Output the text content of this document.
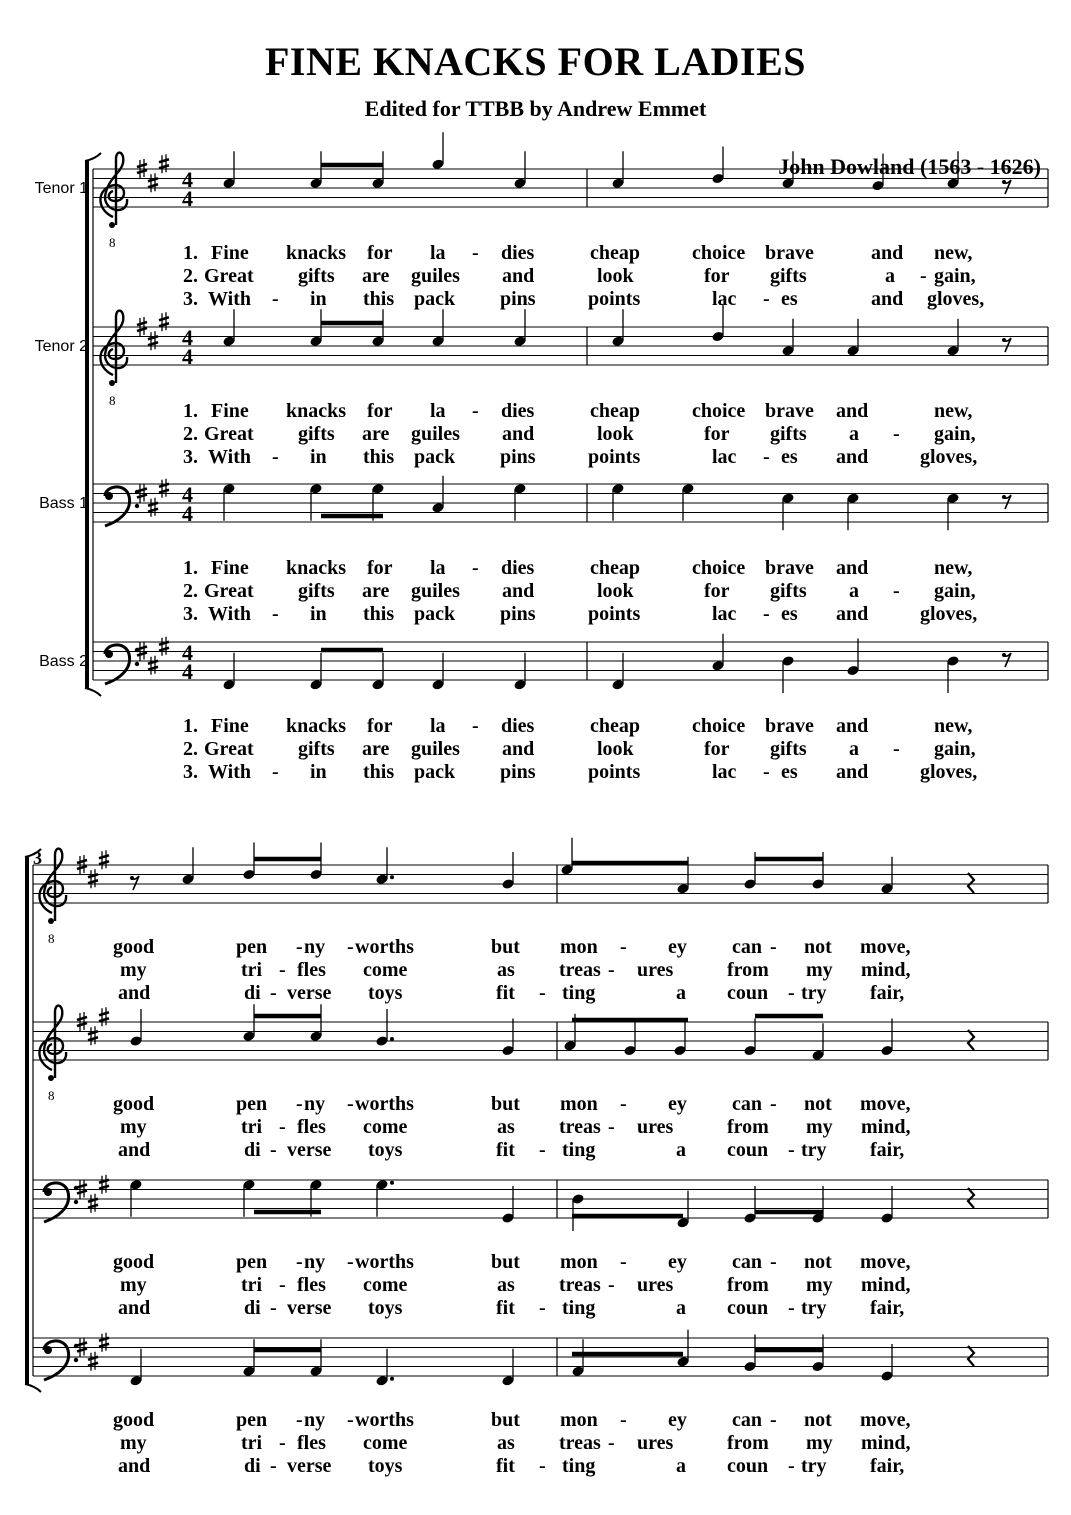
FINE KNACKS FOR LADIES
Edited for TTBB by Andrew Emmet
John Dowland (1563 - 1626)
8
4
4
Tenor 1
8
4
4
Tenor 2
4
4
Bass 1
4
4
Bass 2
8
8
3
1. Fine knacks for la - dies	cheap	choice brave	and new,
2. Great gifts are guiles and	look	for gifts	a - gain,
3. With - in this pack pins	points	lac - es	and gloves,
1. Fine knacks for la - dies	cheap	choice brave and	new,
2. Great gifts are guiles and	look	for gifts a - gain,
3. With - in this pack pins	points	lac - es and	gloves,
1. Fine knacks for la - dies	cheap	choice brave and	new,
2. Great gifts are guiles and	look	for gifts a - gain,
3. With - in this pack pins	points	lac - es and	gloves,
1. Fine knacks for la - dies	cheap	choice brave and	new,
2. Great gifts are guiles and	look	for gifts a - gain,
3. With - in this pack pins	points	lac - es and	gloves,
good	pen - ny - worths	but mon - ey can - not move,
my	tri - fles come	as treas - ures	from my mind,
and	di - verse toys	fit - ting	a coun - try fair,
good	pen - ny - worths	but mon - ey can - not move,
my	tri - fles come	as treas - ures	from my mind,
and	di - verse toys	fit - ting	a coun - try fair,
good	pen - ny - worths	but mon - ey can - not move,
my	tri - fles come	as treas - ures	from my mind,
and	di - verse toys	fit - ting	a coun - try fair,
good	pen - ny - worths	but mon - ey can - not move,
my	tri - fles come	as treas - ures	from my mind,
and	di - verse toys	fit - ting	a coun - try fair,
